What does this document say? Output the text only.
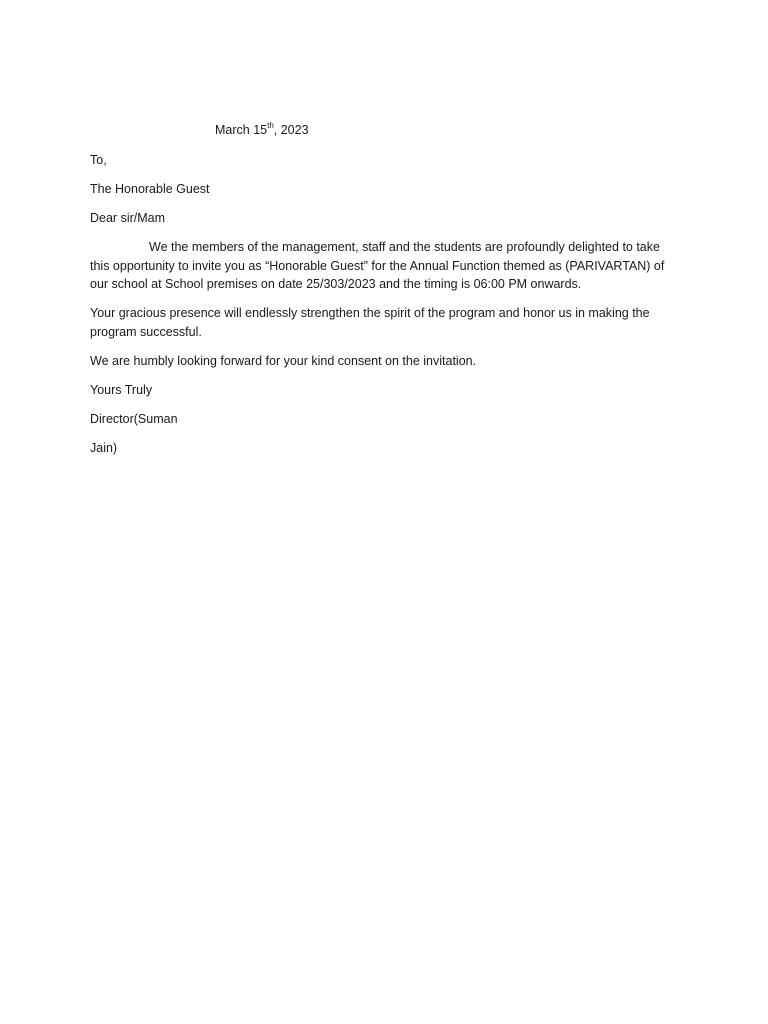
March 15th, 2023
To,
The Honorable Guest
Dear sir/Mam
We the members of the management, staff and the students are profoundly delighted to take
this opportunity to invite you as “Honorable Guest” for the Annual Function themed as (PARIVARTAN) of
our school at School premises on date 25/303/2023 and the timing is 06:00 PM onwards.
Your gracious presence will endlessly strengthen the spirit of the program and honor us in making the
program successful.
We are humbly looking forward for your kind consent on the invitation.
Yours Truly
Director(Suman
Jain)
